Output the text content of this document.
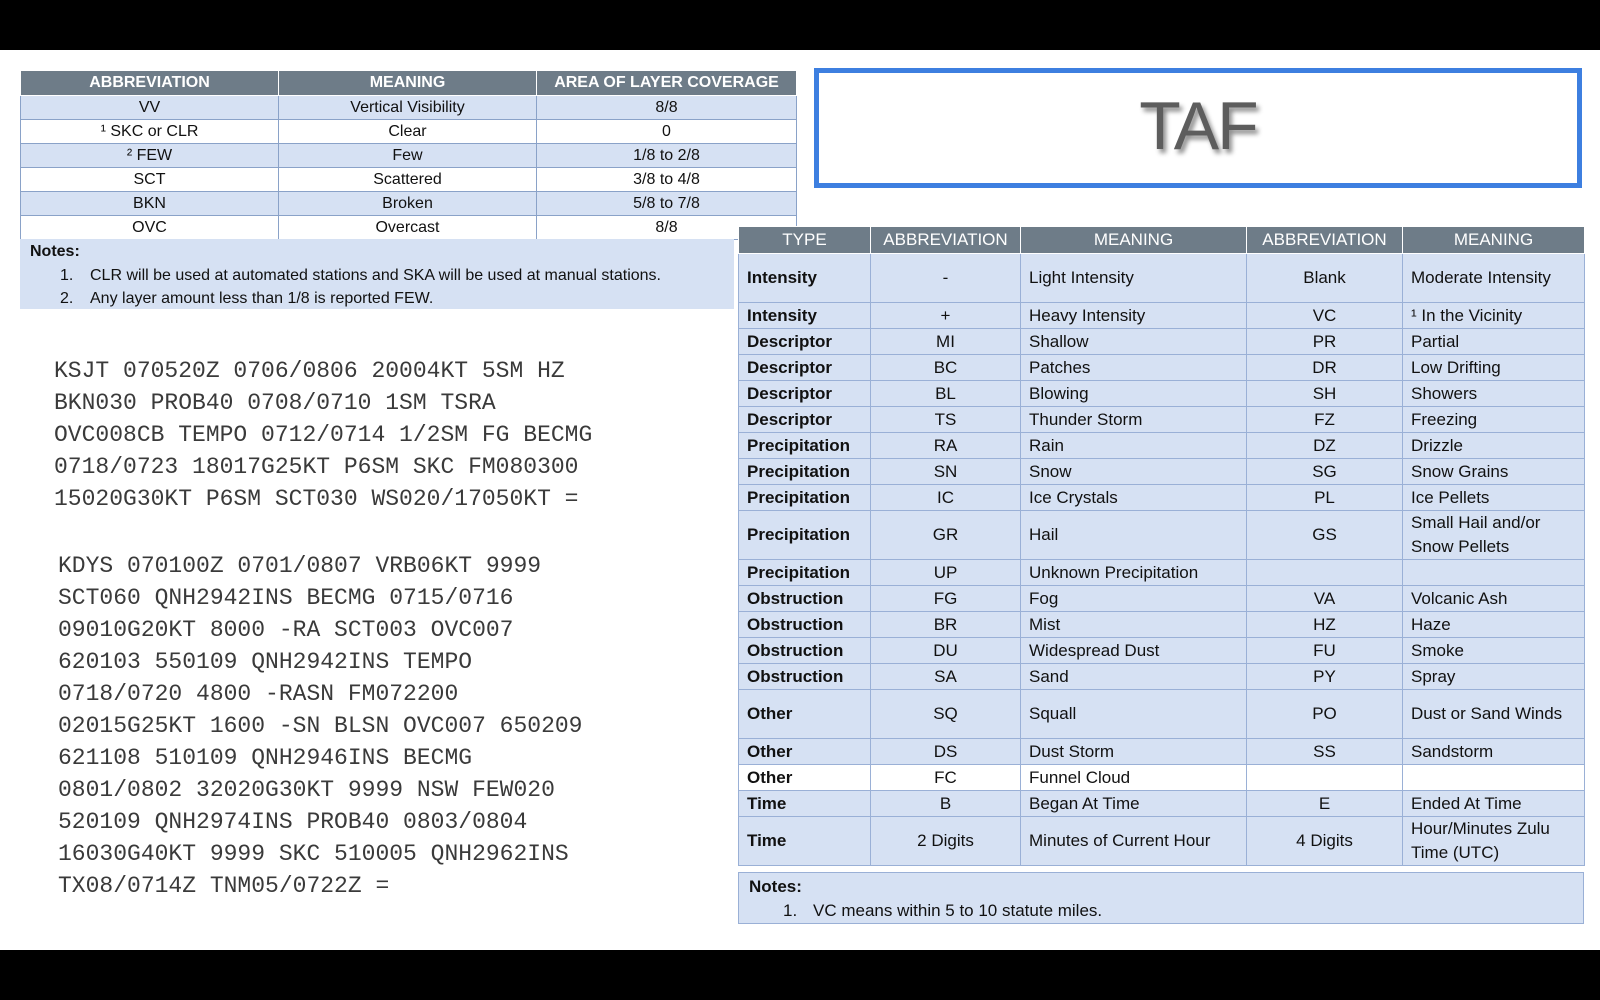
ABBREVIATION	MEANING	AREA OF LAYER COVERAGE
VV	Vertical Visibility	8/8
¹ SKC or CLR	Clear	0
² FEW	Few	1/8 to 2/8
SCT	Scattered	3/8 to 4/8
BKN	Broken	5/8 to 7/8
OVC	Overcast	8/8
Notes:
1. CLR will be used at automated stations and SKA will be used at manual stations.
2. Any layer amount less than 1/8 is reported FEW.
TAF
KSJT 070520Z 0706/0806 20004KT 5SM HZ
BKN030 PROB40 0708/0710 1SM TSRA
OVC008CB TEMPO 0712/0714 1/2SM FG BECMG
0718/0723 18017G25KT P6SM SKC FM080300
15020G30KT P6SM SCT030 WS020/17050KT =
KDYS 070100Z 0701/0807 VRB06KT 9999
SCT060 QNH2942INS BECMG 0715/0716
09010G20KT 8000 -RA SCT003 OVC007
620103 550109 QNH2942INS TEMPO
0718/0720 4800 -RASN FM072200
02015G25KT 1600 -SN BLSN OVC007 650209
621108 510109 QNH2946INS BECMG
0801/0802 32020G30KT 9999 NSW FEW020
520109 QNH2974INS PROB40 0803/0804
16030G40KT 9999 SKC 510005 QNH2962INS
TX08/0714Z TNM05/0722Z =
TYPE	ABBREVIATION	MEANING	ABBREVIATION	MEANING
Intensity	-	Light Intensity	Blank	Moderate Intensity
Intensity	+	Heavy Intensity	VC	¹ In the Vicinity
Descriptor	MI	Shallow	PR	Partial
Descriptor	BC	Patches	DR	Low Drifting
Descriptor	BL	Blowing	SH	Showers
Descriptor	TS	Thunder Storm	FZ	Freezing
Precipitation	RA	Rain	DZ	Drizzle
Precipitation	SN	Snow	SG	Snow Grains
Precipitation	IC	Ice Crystals	PL	Ice Pellets
Precipitation	GR	Hail	GS	Small Hail and/or Snow Pellets
Precipitation	UP	Unknown Precipitation		
Obstruction	FG	Fog	VA	Volcanic Ash
Obstruction	BR	Mist	HZ	Haze
Obstruction	DU	Widespread Dust	FU	Smoke
Obstruction	SA	Sand	PY	Spray
Other	SQ	Squall	PO	Dust or Sand Winds
Other	DS	Dust Storm	SS	Sandstorm
Other	FC	Funnel Cloud		
Time	B	Began At Time	E	Ended At Time
Time	2 Digits	Minutes of Current Hour	4 Digits	Hour/Minutes Zulu Time (UTC)
Notes:
1. VC means within 5 to 10 statute miles.
